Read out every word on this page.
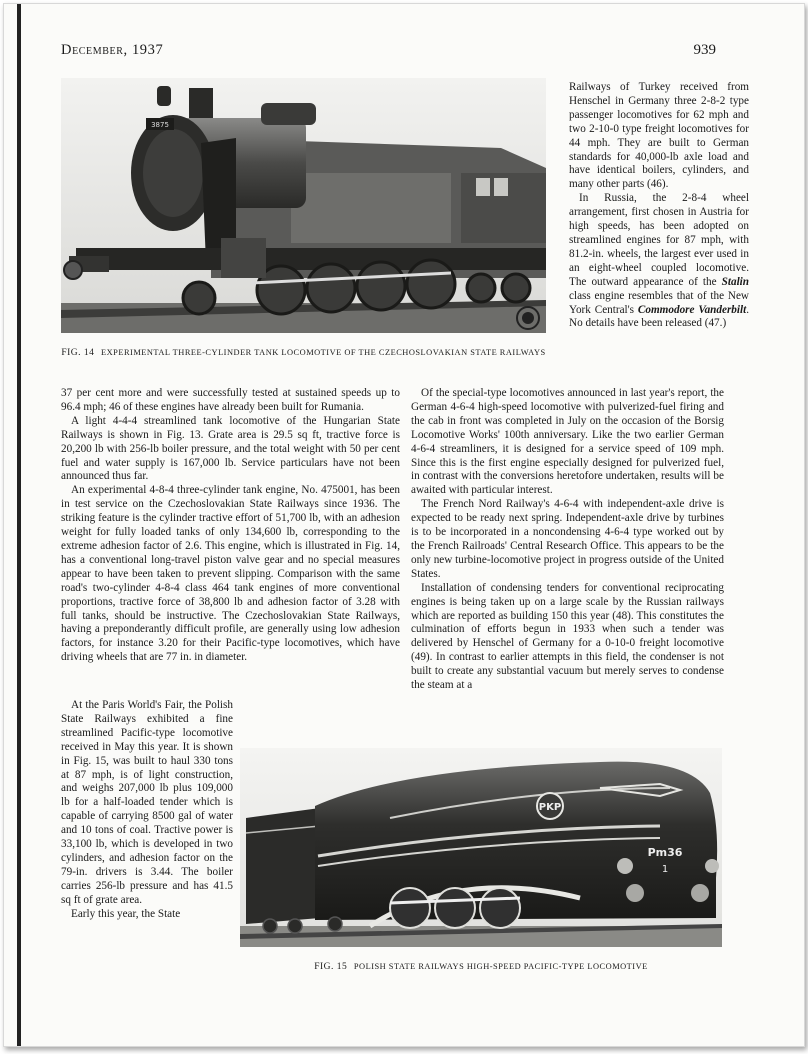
December, 1937	939
3875
FIG. 14 EXPERIMENTAL THREE-CYLINDER TANK LOCOMOTIVE OF THE CZECHOSLOVAKIAN STATE RAILWAYS

Railways of Turkey received from Henschel in Germany three 2-8-2 type passenger locomotives for 62 mph and two 2-10-0 type freight locomotives for 44 mph. They are built to German standards for 40,000-lb axle load and have identical boilers, cylinders, and many other parts (46).

In Russia, the 2-8-4 wheel arrangement, first chosen in Austria for high speeds, has been adopted on streamlined engines for 87 mph, with 81.2-in. wheels, the largest ever used in an eight-wheel coupled locomotive. The outward appearance of the Stalin class engine resembles that of the New York Central's Commodore Vanderbilt. No details have been released (47.)

37 per cent more and were successfully tested at sustained speeds up to 96.4 mph; 46 of these engines have already been built for Rumania.

A light 4-4-4 streamlined tank locomotive of the Hungarian State Railways is shown in Fig. 13. Grate area is 29.5 sq ft, tractive force is 20,200 lb with 256-lb boiler pressure, and the total weight with 50 per cent fuel and water supply is 167,000 lb. Service particulars have not been announced thus far.

An experimental 4-8-4 three-cylinder tank engine, No. 475001, has been in test service on the Czechoslovakian State Railways since 1936. The striking feature is the cylinder tractive effort of 51,700 lb, with an adhesion weight for fully loaded tanks of only 134,600 lb, corresponding to the extreme adhesion factor of 2.6. This engine, which is illustrated in Fig. 14, has a conventional long-travel piston valve gear and no special measures appear to have been taken to prevent slipping. Comparison with the same road's two-cylinder 4-8-4 class 464 tank engines of more conventional proportions, tractive force of 38,800 lb and adhesion factor of 3.28 with full tanks, should be instructive. The Czechoslovakian State Railways, having a preponderantly difficult profile, are generally using low adhesion factors, for instance 3.20 for their Pacific-type locomotives, which have driving wheels that are 77 in. in diameter.

Of the special-type locomotives announced in last year's report, the German 4-6-4 high-speed locomotive with pulverized-fuel firing and the cab in front was completed in July on the occasion of the Borsig Locomotive Works' 100th anniversary. Like the two earlier German 4-6-4 streamliners, it is designed for a service speed of 109 mph. Since this is the first engine especially designed for pulverized fuel, in contrast with the conversions heretofore undertaken, results will be awaited with particular interest.

The French Nord Railway's 4-6-4 with independent-axle drive is expected to be ready next spring. Independent-axle drive by turbines is to be incorporated in a noncondensing 4-6-4 type worked out by the French Railroads' Central Research Office. This appears to be the only new turbine-locomotive project in progress outside of the United States.

Installation of condensing tenders for conventional reciprocating engines is being taken up on a large scale by the Russian railways which are reported as building 150 this year (48). This constitutes the culmination of efforts begun in 1933 when such a tender was delivered by Henschel of Germany for a 0-10-0 freight locomotive (49). In contrast to earlier attempts in this field, the condenser is not built to create any substantial vacuum but merely serves to condense the steam at a

At the Paris World's Fair, the Polish State Railways exhibited a fine streamlined Pacific-type locomotive received in May this year. It is shown in Fig. 15, was built to haul 330 tons at 87 mph, is of light construction, and weighs 207,000 lb plus 109,000 lb for a half-loaded tender which is capable of carrying 8500 gal of water and 10 tons of coal. Tractive power is 33,100 lb, which is developed in two cylinders, and adhesion factor on the 79-in. drivers is 3.44. The boiler carries 256-lb pressure and has 41.5 sq ft of grate area.

Early this year, the State

PKP
Pm36
1
FIG. 15 POLISH STATE RAILWAYS HIGH-SPEED PACIFIC-TYPE LOCOMOTIVE
